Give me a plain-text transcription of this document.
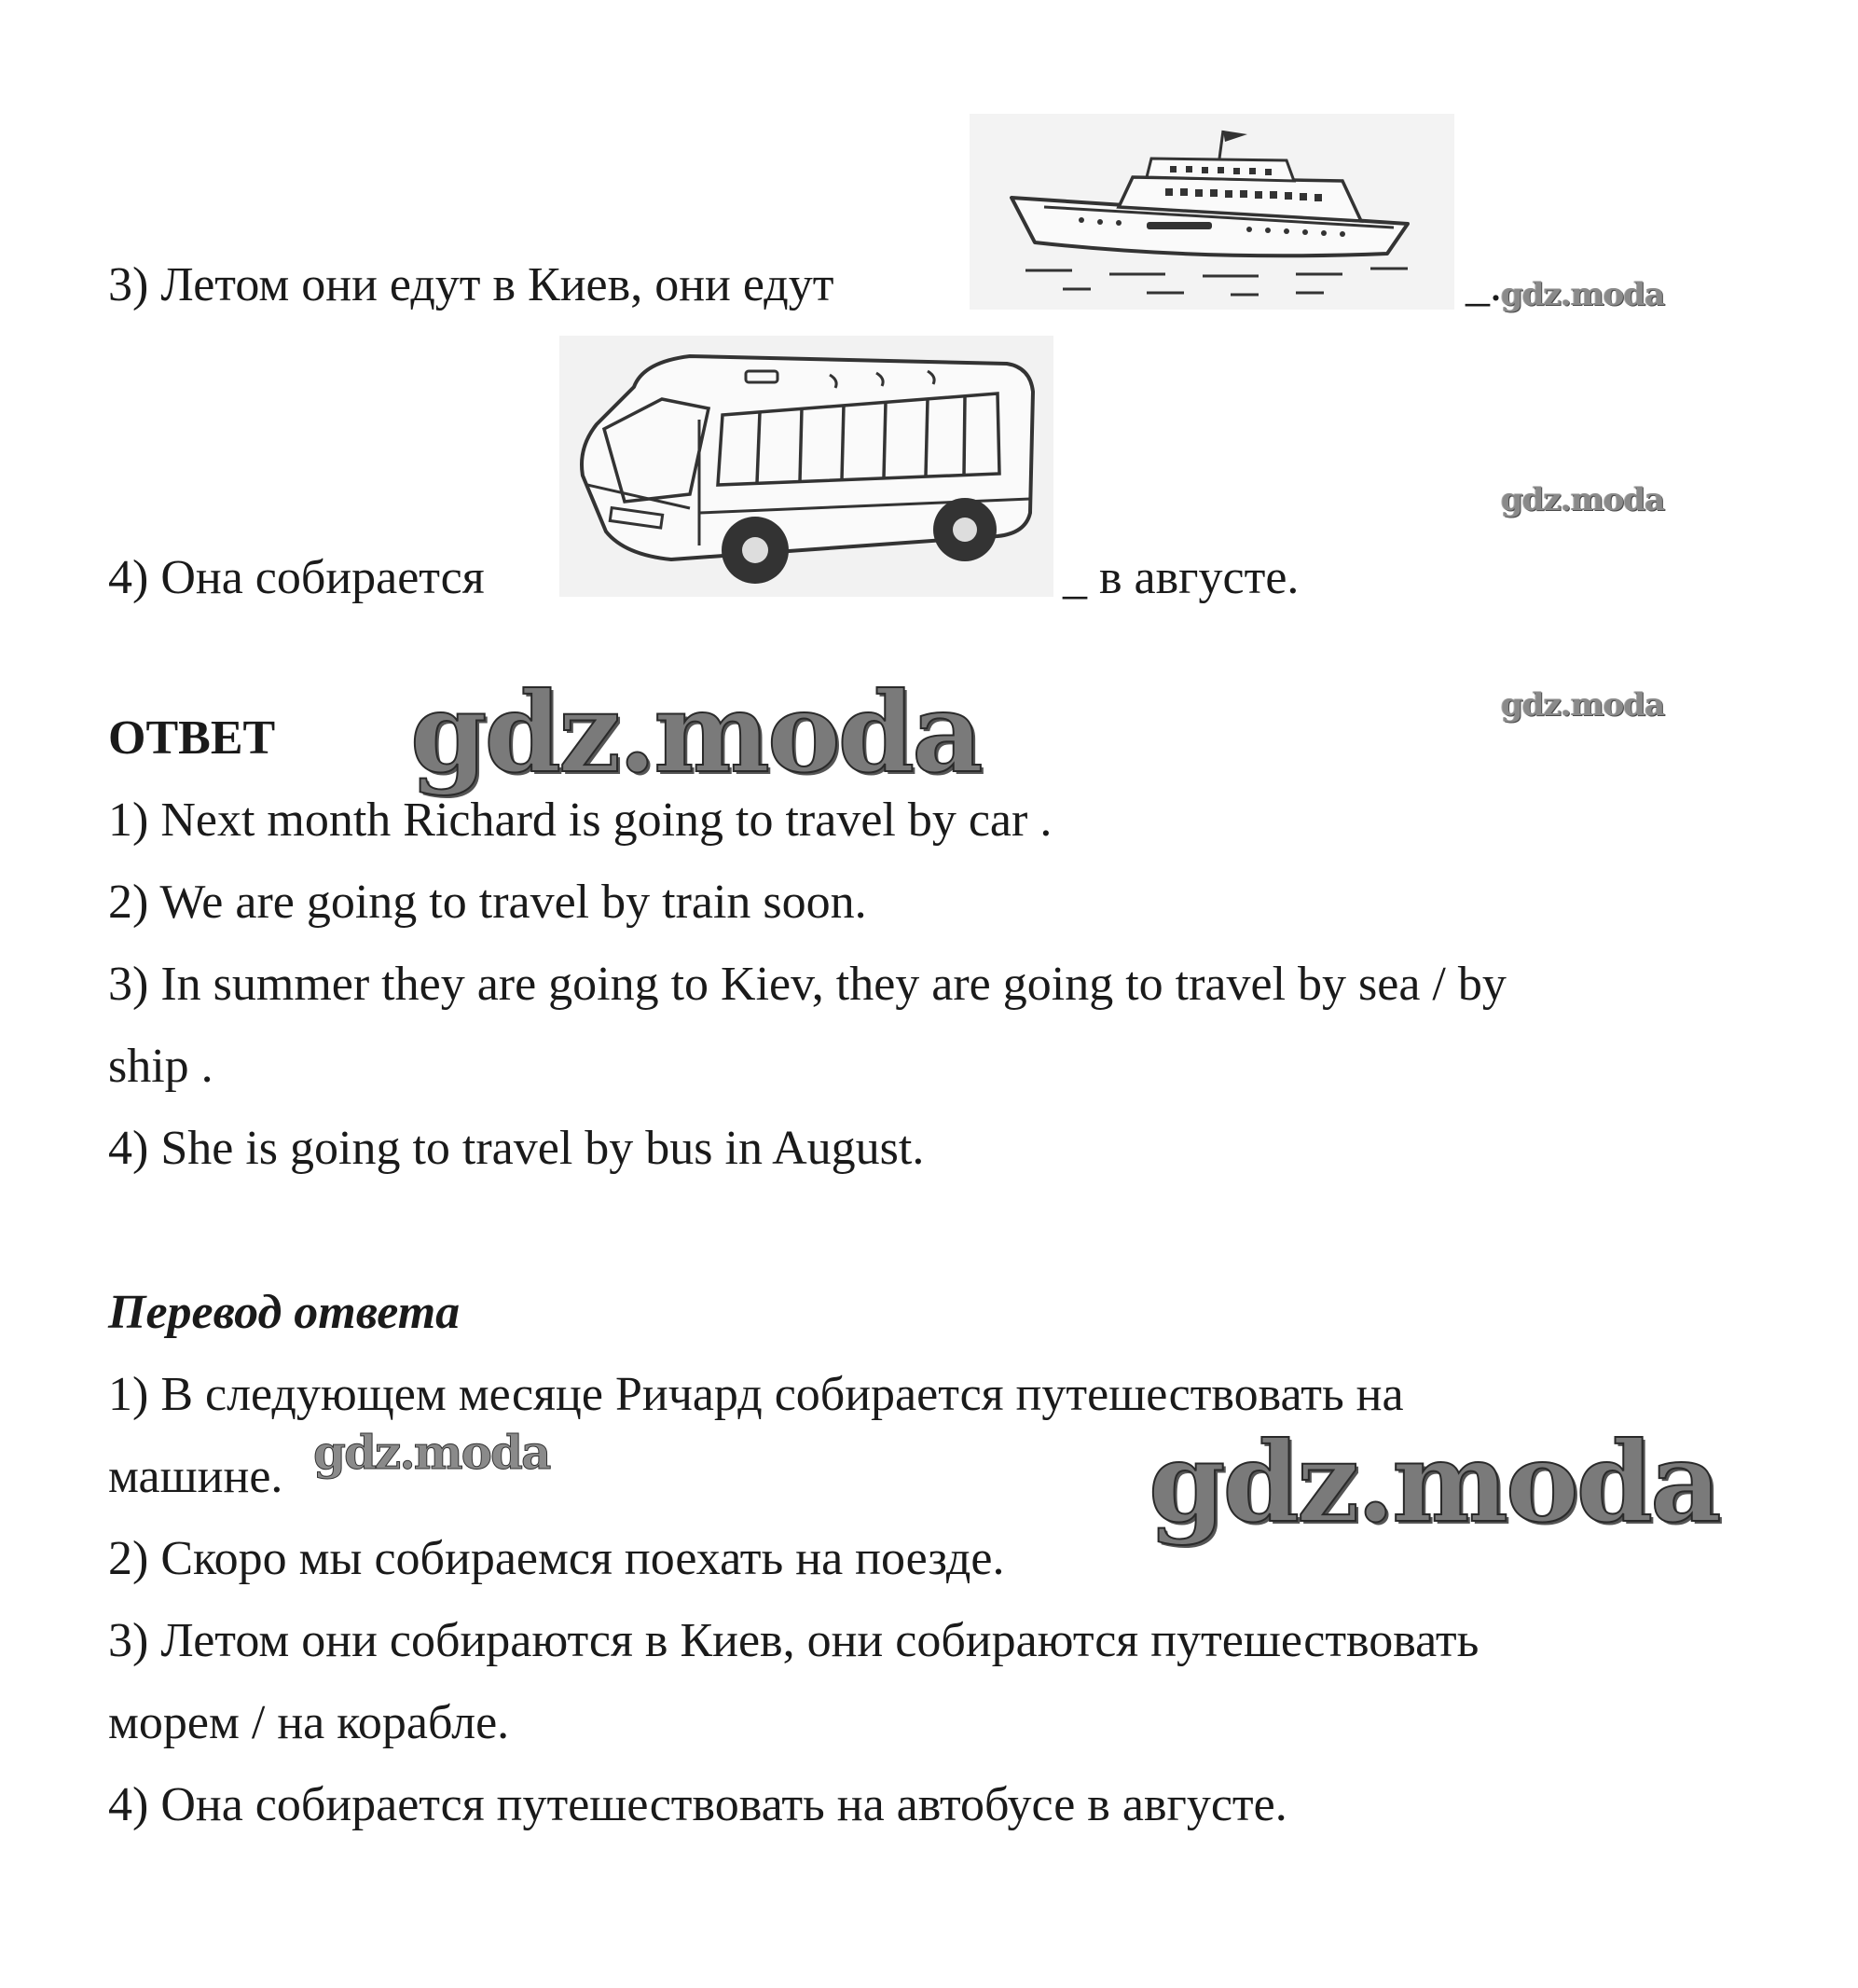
3) Летом они едут в Киев, они едут	_. gdz.moda
gdz.moda
4) Она собирается	_ в августе.
gdz.moda
ОТВЕТ gdz.moda
1) Next month Richard is going to travel by car .
2) We are going to travel by train soon.
3) In summer they are going to Kiev, they are going to travel by sea / by
ship .
4) She is going to travel by bus in August.
Перевод ответа
1) В следующем месяце Ричард собирается путешествовать на
машине. gdz.moda	gdz.moda
2) Скоро мы собираемся поехать на поезде.
3) Летом они собираются в Киев, они собираются путешествовать
морем / на корабле.
4) Она собирается путешествовать на автобусе в августе.
